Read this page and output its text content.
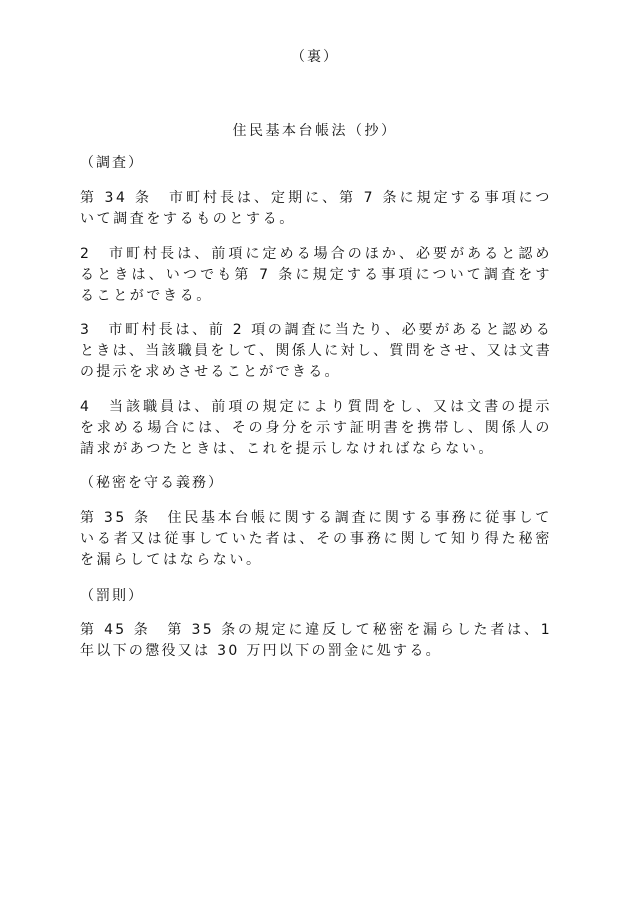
（裏）
住民基本台帳法（抄）
（調査）
第 34 条　市町村長は、定期に、第 7 条に規定する事項について調査をするものとする。
2　市町村長は、前項に定める場合のほか、必要があると認めるときは、いつでも第 7 条に規定する事項について調査をすることができる。
3　市町村長は、前 2 項の調査に当たり、必要があると認めるときは、当該職員をして、関係人に対し、質問をさせ、又は文書の提示を求めさせることができる。
4　当該職員は、前項の規定により質問をし、又は文書の提示を求める場合には、その身分を示す証明書を携帯し、関係人の請求があつたときは、これを提示しなければならない。
（秘密を守る義務）
第 35 条　住民基本台帳に関する調査に関する事務に従事している者又は従事していた者は、その事務に関して知り得た秘密を漏らしてはならない。
（罰則）
第 45 条　第 35 条の規定に違反して秘密を漏らした者は、1 年以下の懲役又は 30 万円以下の罰金に処する。
